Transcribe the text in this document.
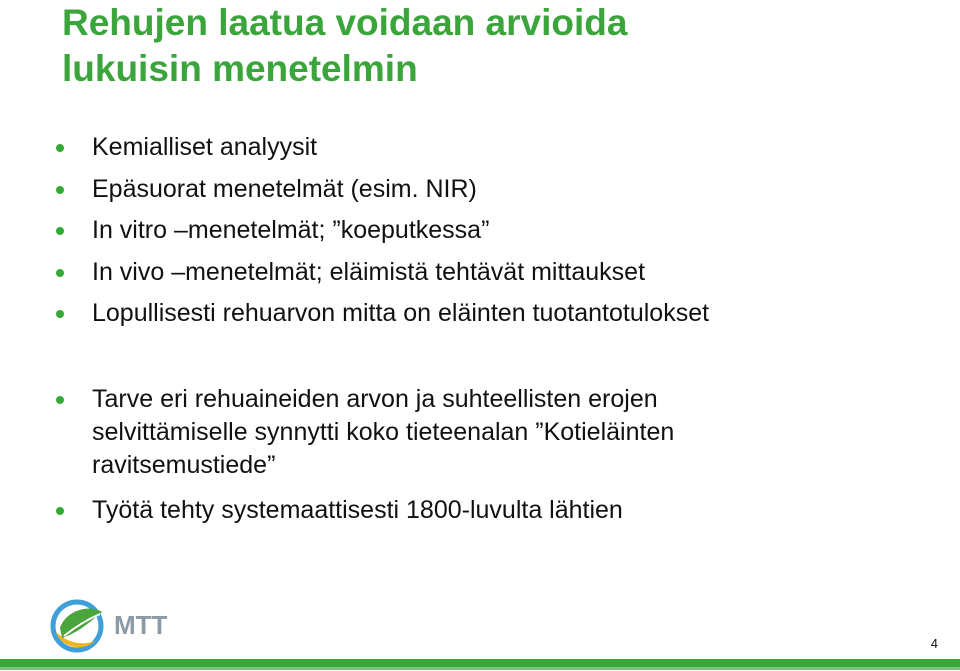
Rehujen laatua voidaan arvioida
lukuisin menetelmin
Kemialliset analyysit
Epäsuorat menetelmät (esim. NIR)
In vitro –menetelmät; ”koeputkessa”
In vivo –menetelmät; eläimistä tehtävät mittaukset
Lopullisesti rehuarvon mitta on eläinten tuotantotulokset
Tarve eri rehuaineiden arvon ja suhteellisten erojen
selvittämiselle synnytti koko tieteenalan ”Kotieläinten
ravitsemustiede”
Työtä tehty systemaattisesti 1800-luvulta lähtien
MTT
4
